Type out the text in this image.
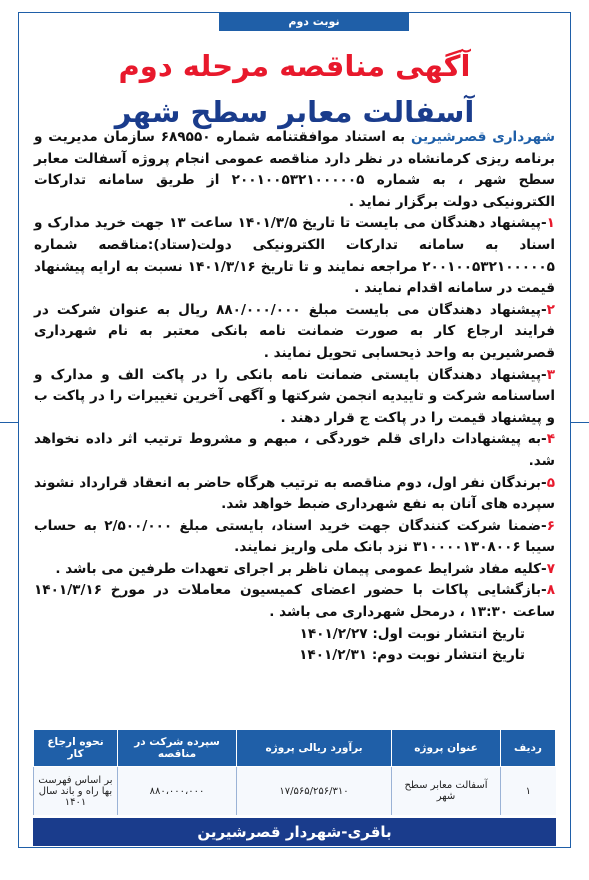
نوبت دوم
آگهی مناقصه مرحله دوم
آسفالت معابر سطح شهر

شهرداری قصرشیرین به استناد موافقتنامه شماره ۶۸۹۵۵۰ سازمان مدیریت و برنامه ریزی کرمانشاه در نظر دارد مناقصه عمومی انجام پروژه آسفالت معابر سطح شهر ، به شماره ۲۰۰۱۰۰۵۳۲۱۰۰۰۰۰۵ از طریق سامانه تدارکات الکترونیکی دولت برگزار نماید .

۱-پیشنهاد دهندگان می بایست تا تاریخ ۱۴۰۱/۳/۵ ساعت ۱۳ جهت خرید مدارک و اسناد به سامانه تدارکات الکترونیکی دولت(ستاد):مناقصه شماره ۲۰۰۱۰۰۵۳۲۱۰۰۰۰۰۵ مراجعه نمایند و تا تاریخ ۱۴۰۱/۳/۱۶ نسبت به ارایه پیشنهاد قیمت در سامانه اقدام نمایند .

۲-پیشنهاد دهندگان می بایست مبلغ ۸۸۰/۰۰۰/۰۰۰ ریال به عنوان شرکت در فرایند ارجاع کار به صورت ضمانت نامه بانکی معتبر به نام شهرداری قصرشیرین به واحد ذیحسابی تحویل نمایند .

۳-پیشنهاد دهندگان بایستی ضمانت نامه بانکی را در پاکت الف و مدارک و اساسنامه شرکت و تاییدیه انجمن شرکتها و آگهی آخرین تغییرات را در پاکت ب و پیشنهاد قیمت را در پاکت ج قرار دهند .

۴-به پیشنهادات دارای قلم خوردگی ، مبهم و مشروط ترتیب اثر داده نخواهد شد.

۵-برندگان نفر اول، دوم مناقصه به ترتیب هرگاه حاضر به انعقاد قرارداد نشوند سپرده های آنان به نفع شهرداری ضبط خواهد شد.

۶-ضمنا شرکت کنندگان جهت خرید اسناد، بایستی مبلغ ۲/۵۰۰/۰۰۰ به حساب سیبا ۳۱۰۰۰۰۱۳۰۸۰۰۶ نزد بانک ملی واریز نمایند.

۷-کلیه مفاد شرایط عمومی پیمان ناظر بر اجرای تعهدات طرفین می باشد .

۸-بازگشایی پاکات با حضور اعضای کمیسیون معاملات در مورخ ۱۴۰۱/۳/۱۶ ساعت ۱۳:۳۰ ، درمحل شهرداری می باشد .

تاریخ انتشار نوبت اول: ۱۴۰۱/۲/۲۷

تاریخ انتشار نوبت دوم: ۱۴۰۱/۲/۳۱

ردیف	عنوان پروژه	برآورد ریالی پروژه	سپرده شرکت در مناقصه	نحوه ارجاع کار
۱	آسفالت معابر سطح شهر	۱۷/۵۶۵/۲۵۶/۳۱۰	۸۸۰،۰۰۰،۰۰۰	بر اساس فهرست بها راه و باند سال ۱۴۰۱
باقری-شهردار قصرشیرین
